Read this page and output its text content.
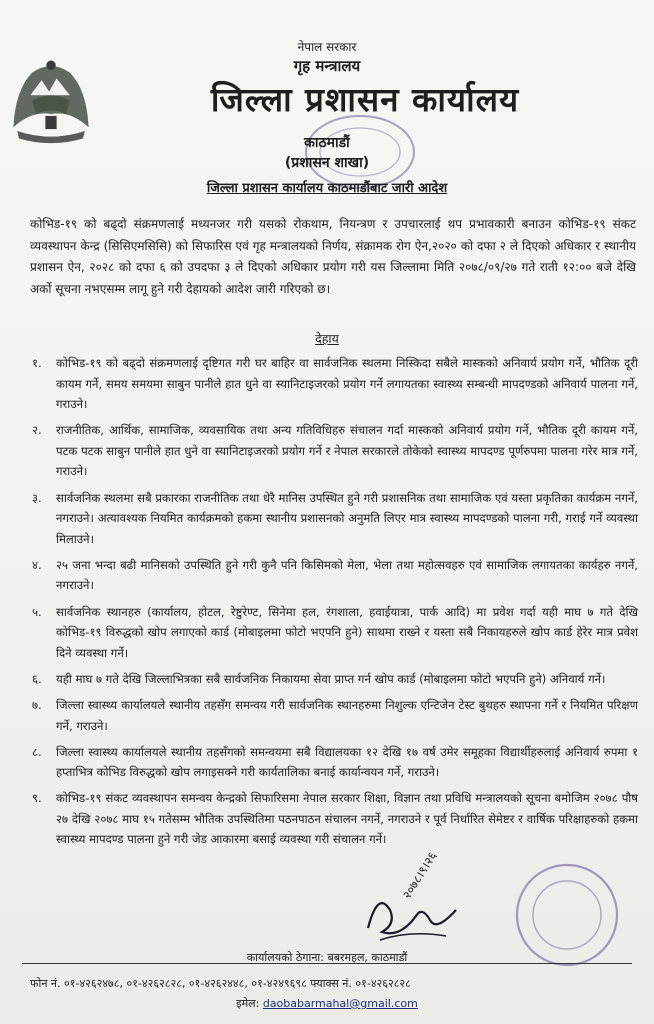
नेपाल सरकार
गृह मन्त्रालय
जिल्ला प्रशासन कार्यालय
काठमाडौं
(प्रशासन शाखा)
जिल्ला प्रशासन कार्यालय काठमाडौंबाट जारी आदेश

कोभिड-१९ को बढ्दो संक्रमणलाई मध्यनजर गरी यसको रोकथाम, नियन्त्रण र उपचारलाई थप प्रभावकारी बनाउन कोभिड-१९ संकट व्यवस्थापन केन्द्र (सिसिएमसिसि) को सिफारिस एवं गृह मन्त्रालयको निर्णय, संक्रामक रोग ऐन,२०२० को दफा २ ले दिएको अधिकार र स्थानीय प्रशासन ऐन, २०२८ को दफा ६ को उपदफा ३ ले दिएको अधिकार प्रयोग गरी यस जिल्लामा मिति २०७८/०९/२७ गते राती १२:०० बजे देखि अर्को सूचना नभएसम्म लागू हुने गरी देहायको आदेश जारी गरिएको छ।

देहाय
१.	कोभिड-१९ को बढ्दो संक्रमणलाई दृष्टिगत गरी घर बाहिर वा सार्वजनिक स्थलमा निस्किदा सबैले मास्कको अनिवार्य प्रयोग गर्ने, भौतिक दूरी कायम गर्ने, समय समयमा साबुन पानीले हात धुने वा स्यानिटाइजरको प्रयोग गर्ने लगायतका स्वास्थ्य सम्बन्धी मापदण्डको अनिवार्य पालना गर्ने, गराउने।
२.	राजनीतिक, आर्थिक, सामाजिक, व्यवसायिक तथा अन्य गतिविधिहरु संचालन गर्दा मास्कको अनिवार्य प्रयोग गर्ने, भौतिक दूरी कायम गर्ने, पटक पटक साबुन पानीले हात धुने वा स्यानिटाइजरको प्रयोग गर्ने र नेपाल सरकारले तोकेको स्वास्थ्य मापदण्ड पूर्णरुपमा पालना गरेर मात्र गर्ने, गराउने।
३.	सार्वजनिक स्थलमा सबै प्रकारका राजनीतिक तथा धेरै मानिस उपस्थित हुने गरी प्रशासनिक तथा सामाजिक एवं यस्ता प्रकृतिका कार्यक्रम नगर्ने, नगराउने। अत्यावश्यक नियमित कार्यक्रमको हकमा स्थानीय प्रशासनको अनुमति लिएर मात्र स्वास्थ्य मापदण्डको पालना गरी, गराई गर्ने व्यवस्था मिलाउने।
४.	२५ जना भन्दा बढी मानिसको उपस्थिति हुने गरी कुनै पनि किसिमको मेला, भेला तथा महोत्सवहरु एवं सामाजिक लगायतका कार्यहरु नगर्ने, नगराउने।
५.	सार्वजनिक स्थानहरु (कार्यालय, होटल, रेष्टुरेण्ट, सिनेमा हल, रंगशाला, हवाईयात्रा, पार्क आदि) मा प्रवेश गर्दा यही माघ ७ गते देखि कोभिड-१९ विरुद्धको खोप लगाएको कार्ड (मोबाइलमा फोटो भएपनि हुने) साथमा राख्ने र यस्ता सबै निकायहरुले खोप कार्ड हेरेर मात्र प्रवेश दिने व्यवस्था गर्ने।
६.	यही माघ ७ गते देखि जिल्लाभित्रका सबै सार्वजनिक निकायमा सेवा प्राप्त गर्न खोप कार्ड (मोबाइलमा फोटो भएपनि हुने) अनिवार्य गर्ने।
७.	जिल्ला स्वास्थ्य कार्यालयले स्थानीय तहसँग समन्वय गरी सार्वजनिक स्थानहरुमा निशुल्क एन्टिजेन टेस्ट बुथहरु स्थापना गर्ने र नियमित परिक्षण गर्ने, गराउने।
८.	जिल्ला स्वास्थ्य कार्यालयले स्थानीय तहसँगको समन्वयमा सबै विद्यालयका १२ देखि १७ वर्ष उमेर समूहका विद्यार्थीहरुलाई अनिवार्य रुपमा १ हप्ताभित्र कोभिड विरुद्धको खोप लगाइसक्ने गरी कार्यतालिका बनाई कार्यान्वयन गर्ने, गराउने।
९.	कोभिड-१९ संकट व्यवस्थापन समन्वय केन्द्रको सिफारिसमा नेपाल सरकार शिक्षा, विज्ञान तथा प्रविधि मन्त्रालयको सूचना बमोजिम २०७८ पौष २७ देखि २०७८ माघ १५ गतेसम्म भौतिक उपस्थितिमा पठनपाठन संचालन नगर्ने, नगराउने र पूर्व निर्धारित सेमेष्टर र वार्षिक परिक्षाहरुको हकमा स्वास्थ्य मापदण्ड पालना हुने गरी जेड आकारमा बसाई व्यवस्था गरी संचालन गर्ने।
२०७८।९।२६
कार्यालयको ठेगाना: बबरमहल, काठमाडौं
फोन नं. ०१-४२६२४७८, ०१-४२६२८२८, ०१-४२६२४४८, ०१-४२४९६९८ फ्याक्स नं. ०१-४२६२८२८
इमेल: daobabarmahal@gmail.com
